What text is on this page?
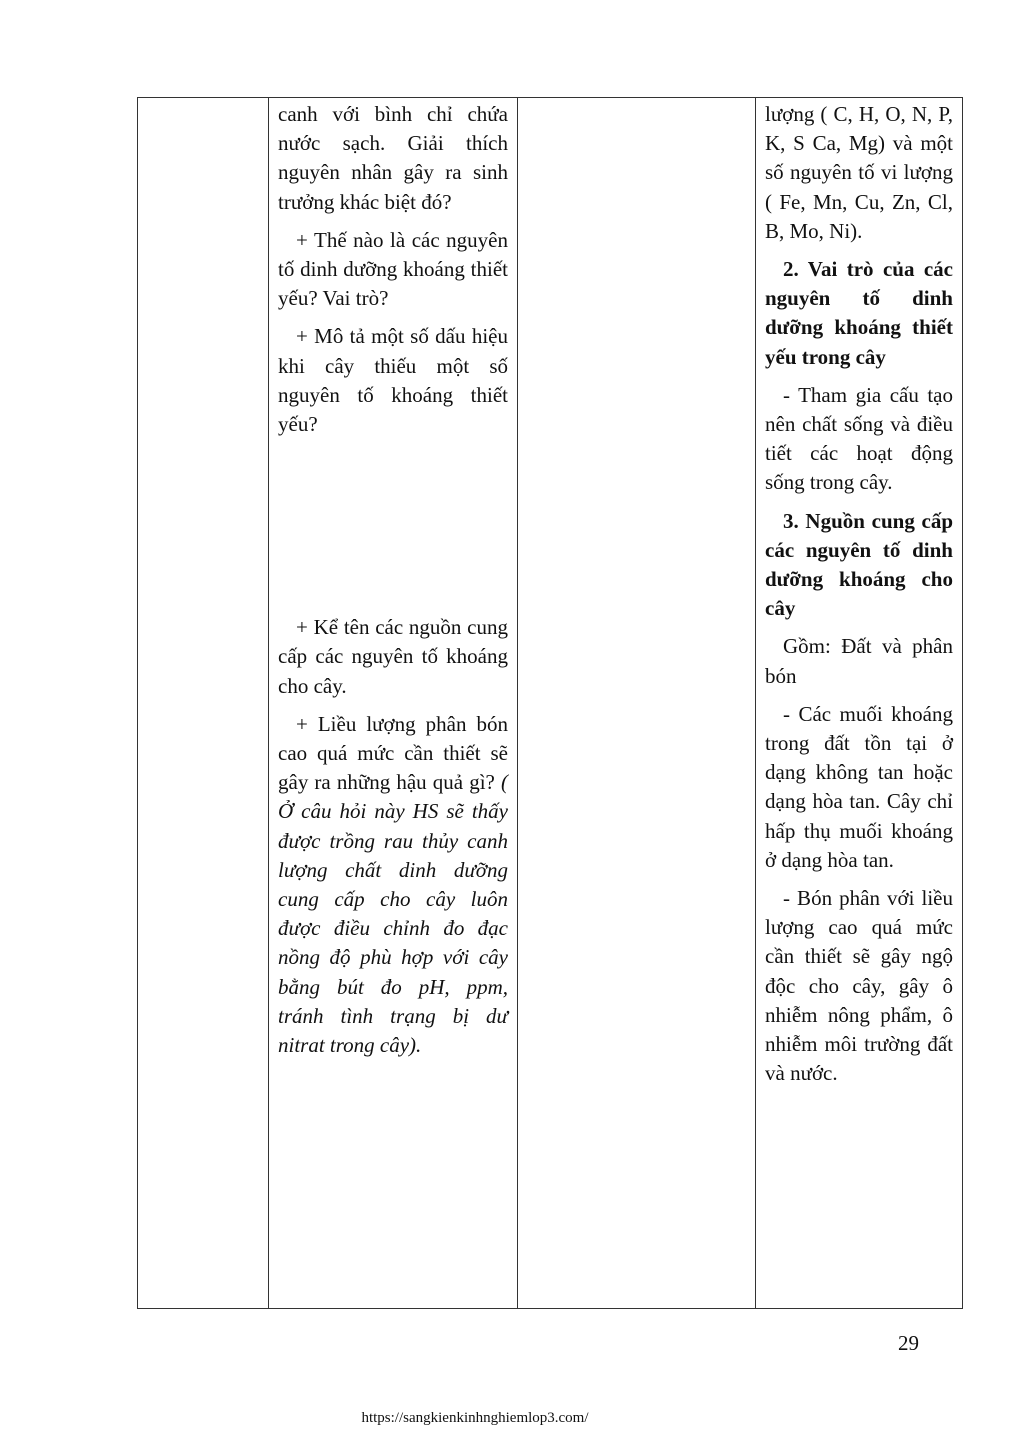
canh với bình chỉ chứa nước sạch. Giải thích nguyên nhân gây ra sinh trưởng khác biệt đó?

+ Thế nào là các nguyên tố dinh dưỡng khoáng thiết yếu? Vai trò?

+ Mô tả một số dấu hiệu khi cây thiếu một số nguyên tố khoáng thiết yếu?

+ Kể tên các nguồn cung cấp các nguyên tố khoáng cho cây.

+ Liều lượng phân bón cao quá mức cần thiết sẽ gây ra những hậu quả gì? ( Ở câu hỏi này HS sẽ thấy được trồng rau thủy canh lượng chất dinh dưỡng cung cấp cho cây luôn được điều chỉnh đo đạc nồng độ phù hợp với cây bằng bút đo pH, ppm, tránh tình trạng bị dư nitrat trong cây).

lượng ( C, H, O, N, P, K, S Ca, Mg) và một số nguyên tố vi lượng ( Fe, Mn, Cu, Zn, Cl, B, Mo, Ni).

2. Vai trò của các nguyên tố dinh dưỡng khoáng thiết yếu trong cây

- Tham gia cấu tạo nên chất sống và điều tiết các hoạt động sống trong cây.

3. Nguồn cung cấp các nguyên tố dinh dưỡng khoáng cho cây

Gồm: Đất và phân bón

- Các muối khoáng trong đất tồn tại ở dạng không tan hoặc dạng hòa tan. Cây chỉ hấp thụ muối khoáng ở dạng hòa tan.

- Bón phân với liều lượng cao quá mức cần thiết sẽ gây ngộ độc cho cây, gây ô nhiễm nông phẩm, ô nhiễm môi trường đất và nước.

29
https://sangkienkinhnghiemlop3.com/
